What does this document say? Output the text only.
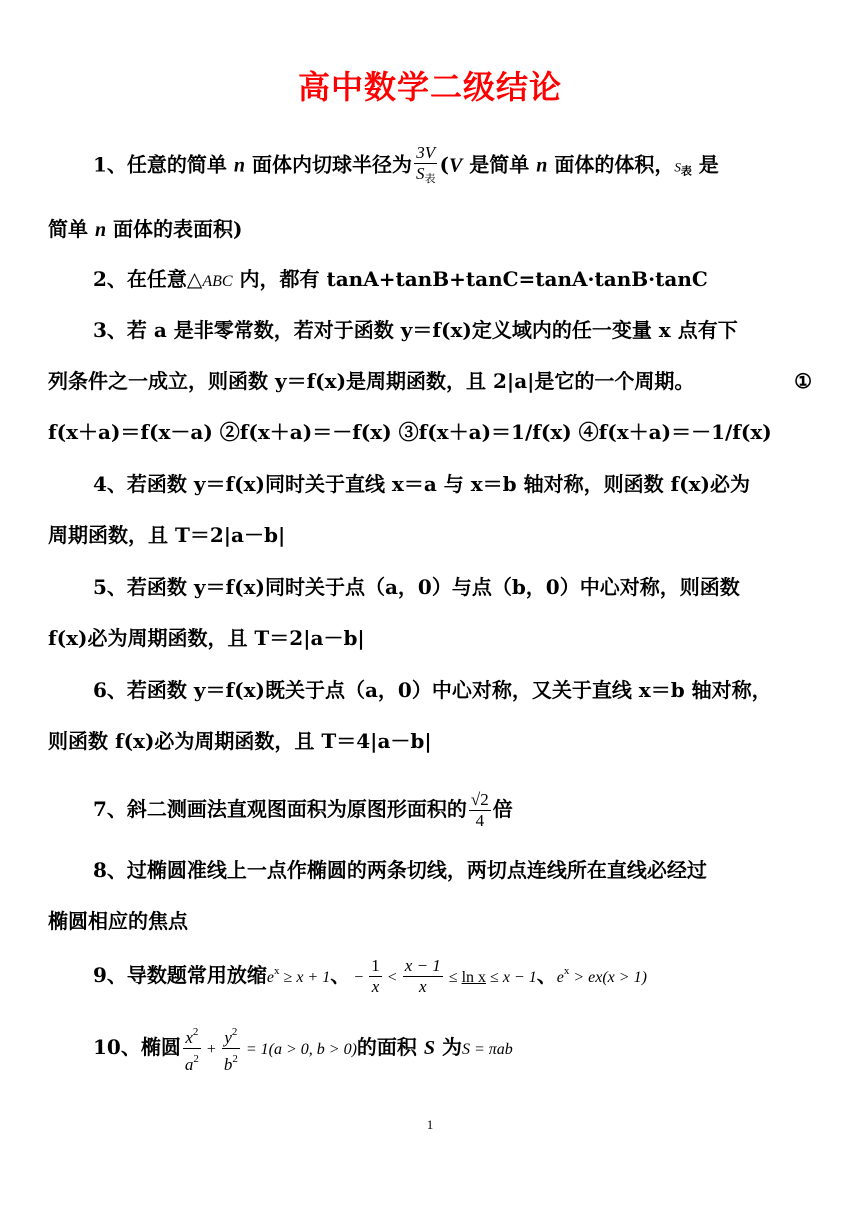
高中数学二级结论
1、任意的简单 n 面体内切球半径为 $\frac{3V}{S_表} (V$ 是简单 n 面体的体积，$S_表$ 是
简单 n 面体的表面积)
2、在任意△ABC 内，都有 tanA+tanB+tanC=tanA·tanB·tanC
3、若 a 是非零常数，若对于函数 y＝f(x)定义域内的任一变量 x 点有下
列条件之一成立，则函数 y＝f(x)是周期函数，且 2|a|是它的一个周期。	①
f(x＋a)＝f(x－a) ②f(x＋a)＝－f(x) ③f(x＋a)＝1/f(x) ④f(x＋a)＝－1/f(x)
4、若函数 y＝f(x)同时关于直线 x＝a 与 x＝b 轴对称，则函数 f(x)必为
周期函数，且 T＝2|a－b|
5、若函数 y＝f(x)同时关于点（a，0）与点（b，0）中心对称，则函数
f(x)必为周期函数，且 T＝2|a－b|
6、若函数 y＝f(x)既关于点（a，0）中心对称，又关于直线 x＝b 轴对称，
则函数 f(x)必为周期函数，且 T＝4|a－b|
7、斜二测画法直观图面积为原图形面积的 $\frac{√2}{4}$ 倍
8、过椭圆准线上一点作椭圆的两条切线，两切点连线所在直线必经过
椭圆相应的焦点
9、导数题常用放缩$e^x \ge x + 1$、 − $\frac{1}{x} < \frac{x - 1}{x} \le \ln x \le x - 1$、$e^x > ex(x > 1)$
10、椭圆 $\frac{x^2}{a^2} + \frac{y^2}{b^2} = 1(a > 0$, b > 0)的面积 S 为S = πab
1
